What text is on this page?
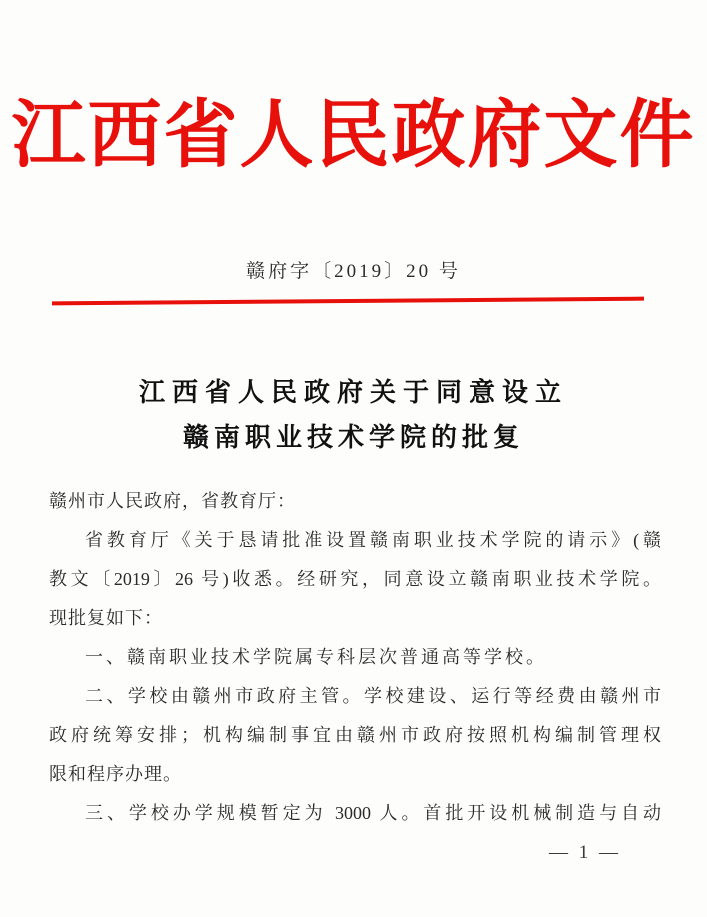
江西省人民政府文件
赣府字〔2019〕20 号
江西省人民政府关于同意设立
赣南职业技术学院的批复
赣州市人民政府，省教育厅：
省教育厅《关于恳请批准设置赣南职业技术学院的请示》(赣
教文〔2019〕26 号)收悉。经研究，同意设立赣南职业技术学院。
现批复如下：
一、赣南职业技术学院属专科层次普通高等学校。
二、学校由赣州市政府主管。学校建设、运行等经费由赣州市
政府统筹安排；机构编制事宜由赣州市政府按照机构编制管理权
限和程序办理。
三、学校办学规模暂定为 3000 人。首批开设机械制造与自动
— 1 —
